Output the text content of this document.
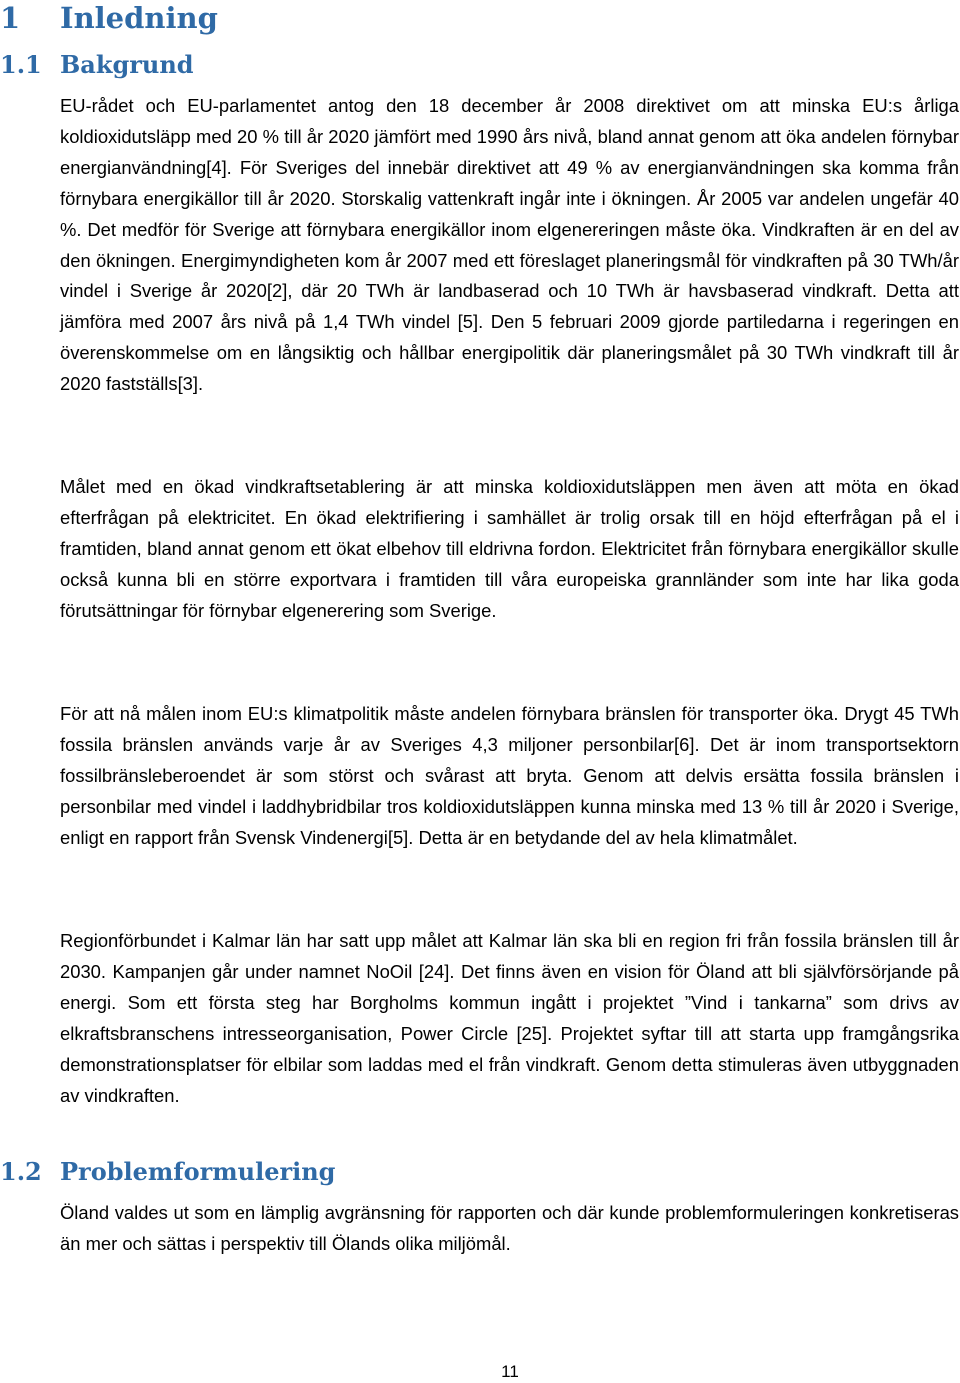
1 Inledning
1.1 Bakgrund

EU-rådet och EU-parlamentet antog den 18 december år 2008 direktivet om att minska EU:s årliga koldioxidutsläpp med 20 % till år 2020 jämfört med 1990 års nivå, bland annat genom att öka andelen förnybar energianvändning[4]. För Sveriges del innebär direktivet att 49 % av energianvändningen ska komma från förnybara energikällor till år 2020. Storskalig vattenkraft ingår inte i ökningen. År 2005 var andelen ungefär 40 %. Det medför för Sverige att förnybara energikällor inom elgenereringen måste öka. Vindkraften är en del av den ökningen. Energimyndigheten kom år 2007 med ett föreslaget planeringsmål för vindkraften på 30 TWh/år vindel i Sverige år 2020[2], där 20 TWh är landbaserad och 10 TWh är havsbaserad vindkraft. Detta att jämföra med 2007 års nivå på 1,4 TWh vindel [5]. Den 5 februari 2009 gjorde partiledarna i regeringen en överenskommelse om en långsiktig och hållbar energipolitik där planeringsmålet på 30 TWh vindkraft till år 2020 fastställs[3].

Målet med en ökad vindkraftsetablering är att minska koldioxidutsläppen men även att möta en ökad efterfrågan på elektricitet. En ökad elektrifiering i samhället är trolig orsak till en höjd efterfrågan på el i framtiden, bland annat genom ett ökat elbehov till eldrivna fordon. Elektricitet från förnybara energikällor skulle också kunna bli en större exportvara i framtiden till våra europeiska grannländer som inte har lika goda förutsättningar för förnybar elgenerering som Sverige.

För att nå målen inom EU:s klimatpolitik måste andelen förnybara bränslen för transporter öka. Drygt 45 TWh fossila bränslen används varje år av Sveriges 4,3 miljoner personbilar[6]. Det är inom transportsektorn fossilbränsleberoendet är som störst och svårast att bryta. Genom att delvis ersätta fossila bränslen i personbilar med vindel i laddhybridbilar tros koldioxidutsläppen kunna minska med 13 % till år 2020 i Sverige, enligt en rapport från Svensk Vindenergi[5]. Detta är en betydande del av hela klimatmålet.

Regionförbundet i Kalmar län har satt upp målet att Kalmar län ska bli en region fri från fossila bränslen till år 2030. Kampanjen går under namnet NoOil [24]. Det finns även en vision för Öland att bli självförsörjande på energi. Som ett första steg har Borgholms kommun ingått i projektet ”Vind i tankarna” som drivs av elkraftsbranschens intresseorganisation, Power Circle [25]. Projektet syftar till att starta upp framgångsrika demonstrationsplatser för elbilar som laddas med el från vindkraft. Genom detta stimuleras även utbyggnaden av vindkraften.

1.2 Problemformulering

Öland valdes ut som en lämplig avgränsning för rapporten och där kunde problemformuleringen konkretiseras än mer och sättas i perspektiv till Ölands olika miljömål.

11
